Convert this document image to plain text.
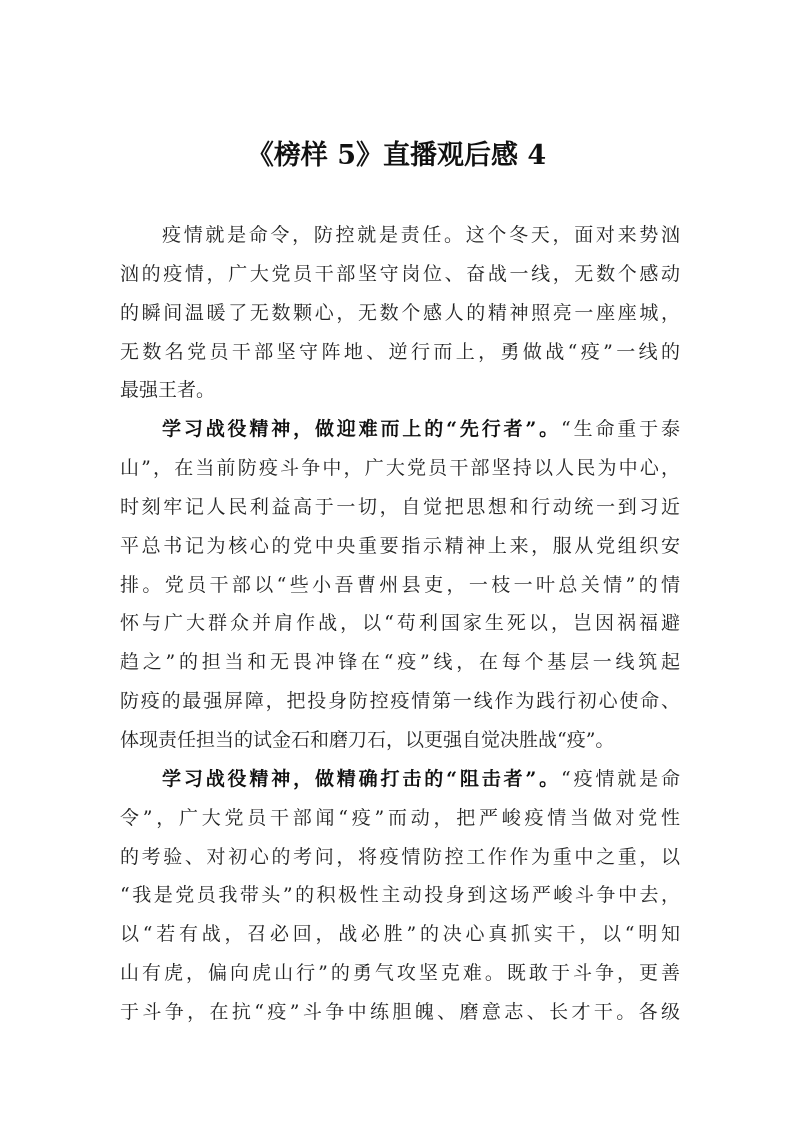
《榜样 5》直播观后感 4
疫情就是命令，防控就是责任。这个冬天，面对来势汹
汹的疫情，广大党员干部坚守岗位、奋战一线，无数个感动
的瞬间温暖了无数颗心，无数个感人的精神照亮一座座城，
无数名党员干部坚守阵地、逆行而上，勇做战“疫”一线的
最强王者。
学习战役精神，做迎难而上的“先行者”。“生命重于泰
山”，在当前防疫斗争中，广大党员干部坚持以人民为中心，
时刻牢记人民利益高于一切，自觉把思想和行动统一到习近
平总书记为核心的党中央重要指示精神上来，服从党组织安
排。党员干部以“些小吾曹州县吏，一枝一叶总关情”的情
怀与广大群众并肩作战，以“苟利国家生死以，岂因祸福避
趋之”的担当和无畏冲锋在“疫”线，在每个基层一线筑起
防疫的最强屏障，把投身防控疫情第一线作为践行初心使命、
体现责任担当的试金石和磨刀石，以更强自觉决胜战“疫”。
学习战役精神，做精确打击的“阻击者”。“疫情就是命
令”，广大党员干部闻“疫”而动，把严峻疫情当做对党性
的考验、对初心的考问，将疫情防控工作作为重中之重，以
“我是党员我带头”的积极性主动投身到这场严峻斗争中去，
以“若有战，召必回，战必胜”的决心真抓实干，以“明知
山有虎，偏向虎山行”的勇气攻坚克难。既敢于斗争，更善
于斗争，在抗“疫”斗争中练胆魄、磨意志、长才干。各级
